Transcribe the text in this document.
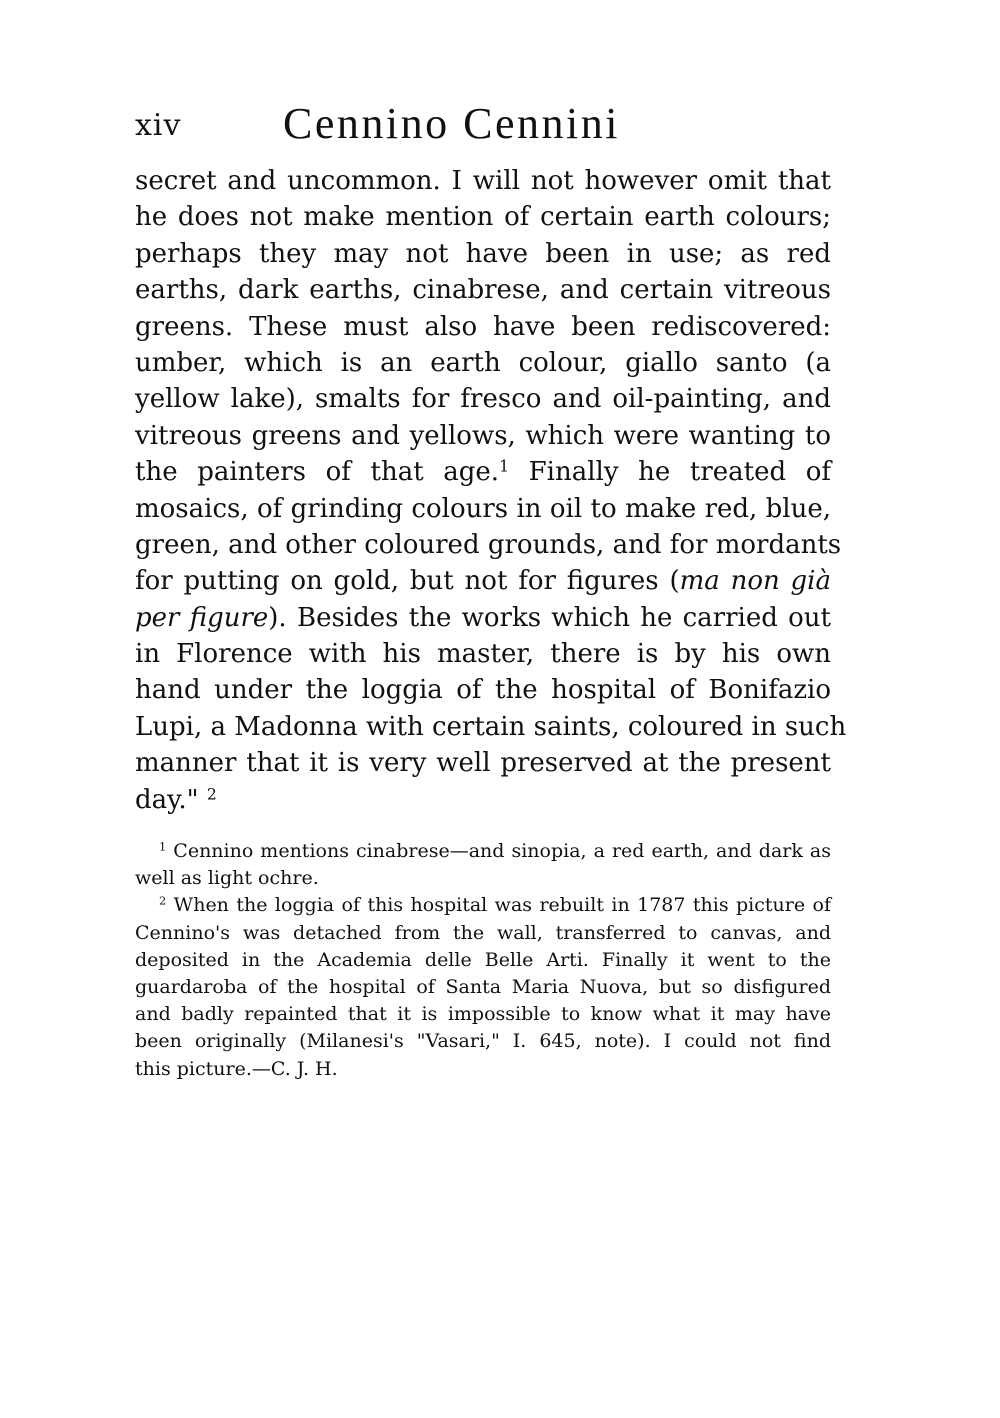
xiv Cennino Cennini
secret and uncommon. I will not however omit that
he does not make mention of certain earth colours;
perhaps they may not have been in use; as red
earths, dark earths, cinabrese, and certain vitreous
greens. These must also have been rediscovered:
umber, which is an earth colour, giallo santo (a
yellow lake), smalts for fresco and oil-painting, and
vitreous greens and yellows, which were wanting to
the painters of that age.$^1$ Finally he treated of
mosaics, of grinding colours in oil to make red, blue,
green, and other coloured grounds, and for mordants
for putting on gold, but not for figures (ma non già
per figure). Besides the works which he carried out
in Florence with his master, there is by his own
hand under the loggia of the hospital of Bonifazio
Lupi, a Madonna with certain saints, coloured in such
manner that it is very well preserved at the present
day." $^2$
$^1$ Cennino mentions cinabrese—and sinopia, a red earth, and dark as
well as light ochre.
$^2$ When the loggia of this hospital was rebuilt in 1787 this picture of
Cennino's was detached from the wall, transferred to canvas, and
deposited in the Academia delle Belle Arti. Finally it went to the
guardaroba of the hospital of Santa Maria Nuova, but so disfigured
and badly repainted that it is impossible to know what it may have
been originally (Milanesi's "Vasari," I. 645, note). I could not find
this picture.—C. J. H.
